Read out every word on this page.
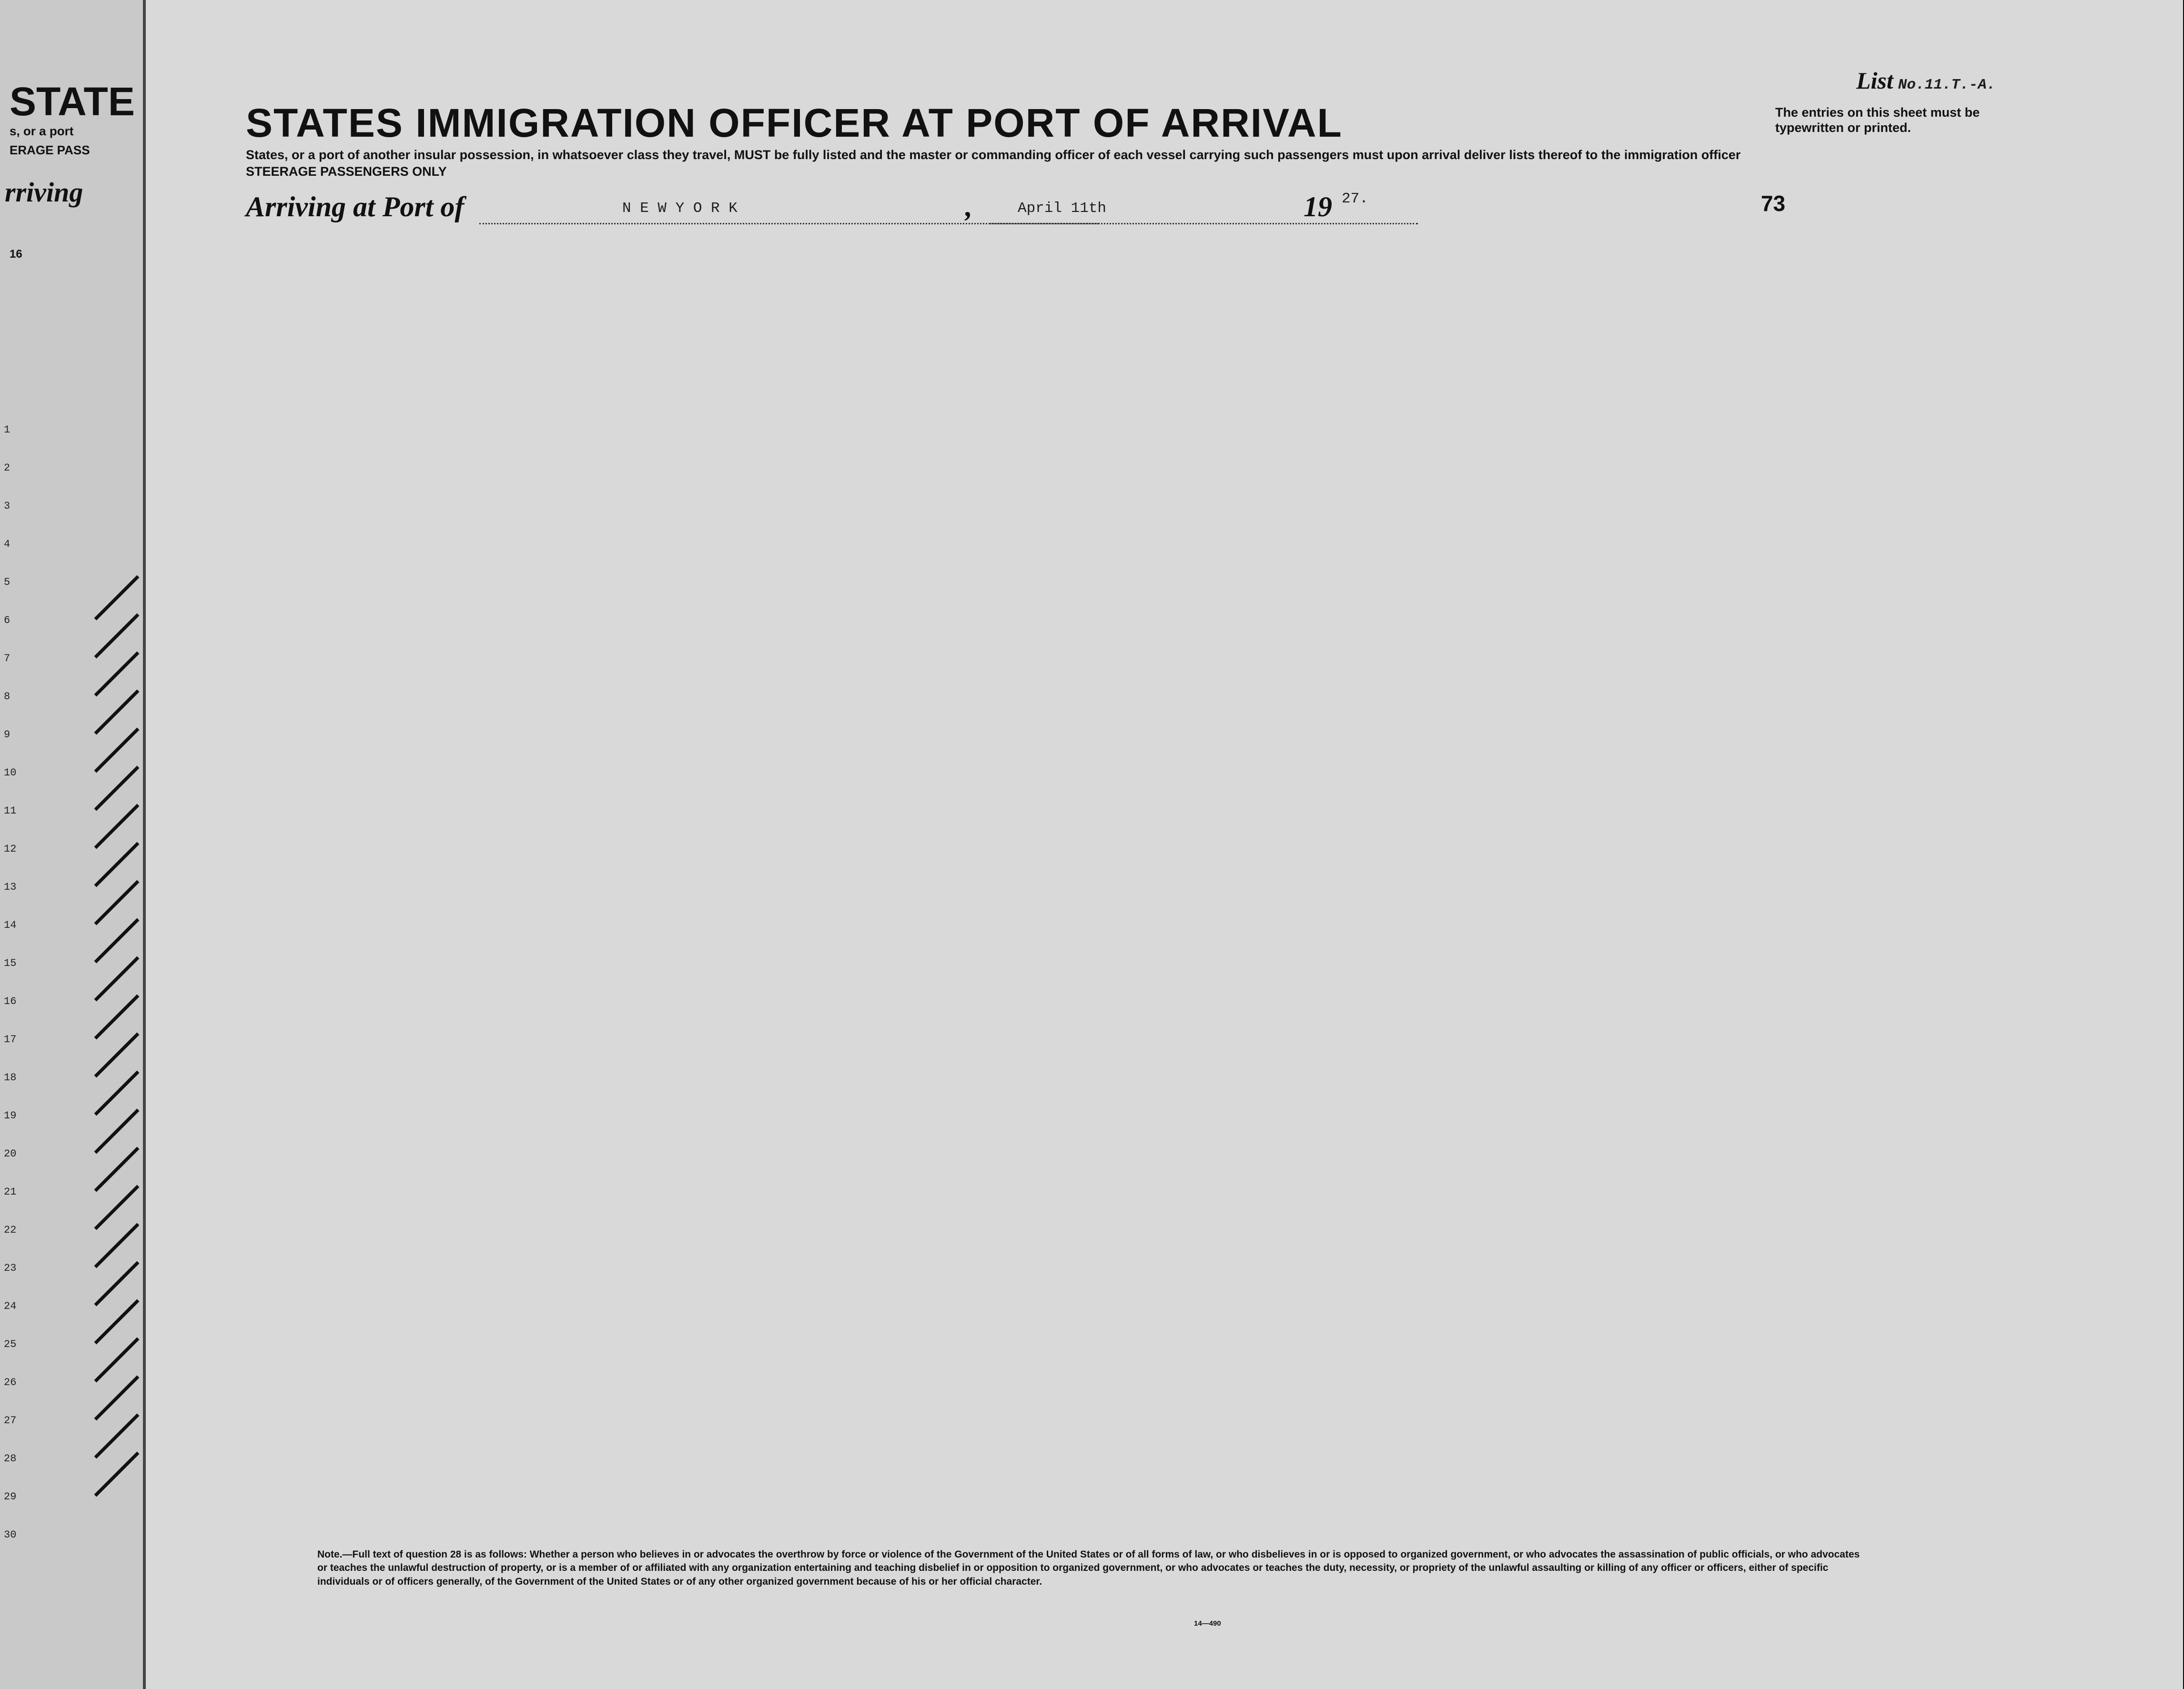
STATE
s, or a port
ERAGE PASS
rriving
16
1
2
3
4
5
6
7
8
9
10
11
12
13
14
15
16
17
18
19
20
21
22
23
24
25
26
27
28
29
30
STATES IMMIGRATION OFFICER AT PORT OF ARRIVAL
States, or a port of another insular possession, in whatsoever class they travel, MUST be fully listed and the master or commanding officer of each vessel carrying such passengers must upon arrival deliver lists thereof to the immigration officer
STEERAGE PASSENGERS ONLY
Arriving at Port of	N E W Y O R K	,	April 11th	19 27.
List No.11.T.-A.
The entries on this sheet must be typewritten or printed.
73
Note.—Full text of question 28 is as follows: Whether a person who believes in or advocates the overthrow by force or violence of the Government of the United States or of all forms of law, or who disbelieves in or is opposed to organized government, or who advocates the assassination of public officials, or who advocates or teaches the unlawful destruction of property, or is a member of or affiliated with any organization entertaining and teaching disbelief in or opposition to organized government, or who advocates or teaches the duty, necessity, or propriety of the unlawful assaulting or killing of any officer or officers, either of specific individuals or of officers generally, of the Government of the United States or of any other organized government because of his or her official character.
14—490
